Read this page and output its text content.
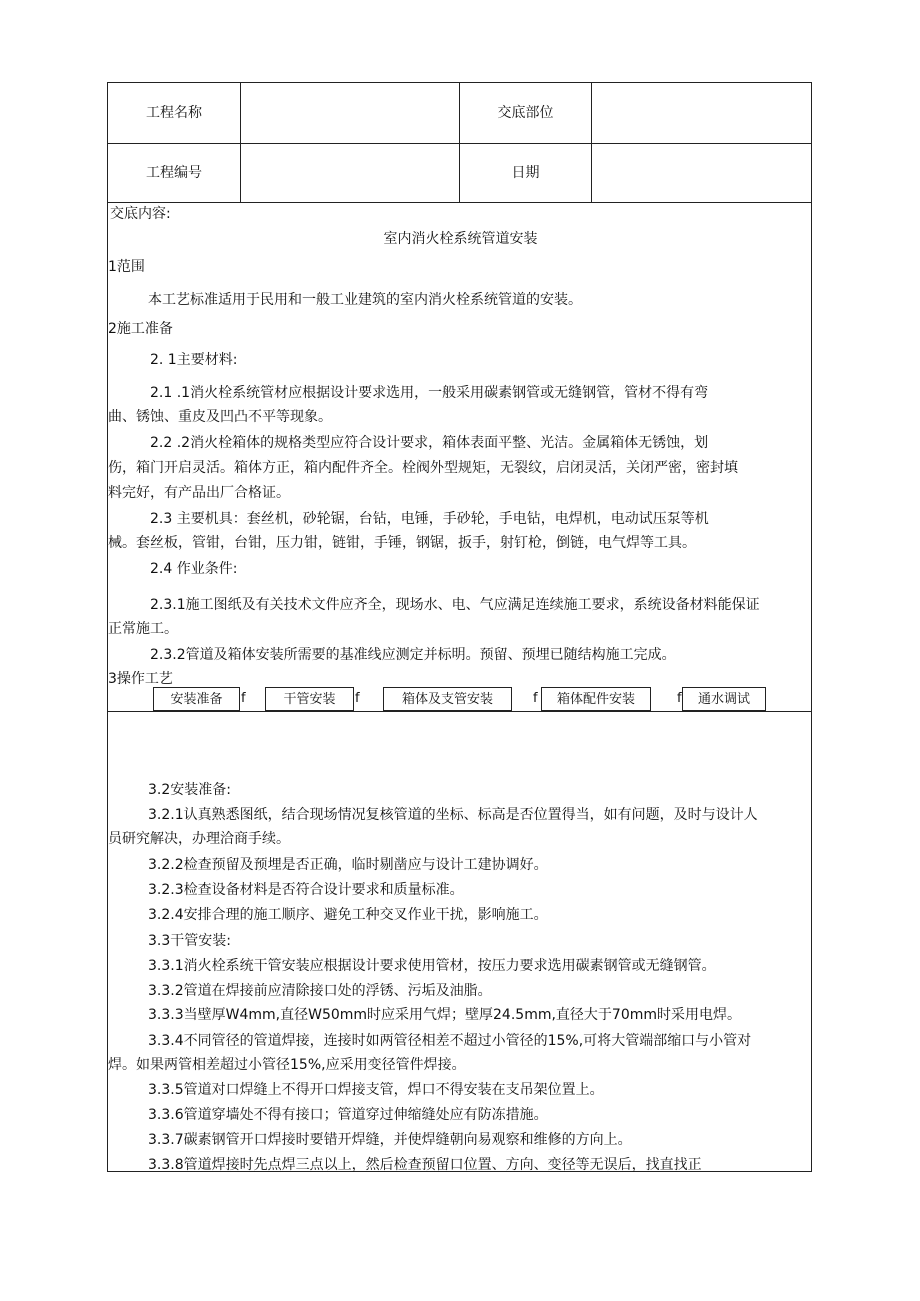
工程名称	交底部位
工程编号	日期
交底内容:
室内消火栓系统管道安装
1范围
本工艺标准适用于民用和一般工业建筑的室内消火栓系统管道的安装。
2施工准备
2. 1主要材料:
2.1 .1消火栓系统管材应根据设计要求选用，一般采用碳素钢管或无缝钢管，管材不得有弯
曲、锈蚀、重皮及凹凸不平等现象。
2.2 .2消火栓箱体的规格类型应符合设计要求，箱体表面平整、光洁。金属箱体无锈蚀，划
伤，箱门开启灵活。箱体方正，箱内配件齐全。栓阀外型规矩，无裂纹，启闭灵活，关闭严密，密封填
料完好，有产品出厂合格证。
2.3 主要机具：套丝机，砂轮锯，台钻，电锤，手砂轮，手电钻，电焊机，电动试压泵等机
械。套丝板，管钳，台钳，压力钳，链钳，手锤，钢锯，扳手，射钉枪，倒链，电气焊等工具。
2.4 作业条件:
2.3.1施工图纸及有关技术文件应齐全，现场水、电、气应满足连续施工要求，系统设备材料能保证
正常施工。
2.3.2管道及箱体安装所需要的基准线应测定并标明。预留、预埋已随结构施工完成。
3操作工艺
安装准备	f	干管安装	f	箱体及支管安装	f	箱体配件安装	f	通水调试
3.2安装准备:
3.2.1认真熟悉图纸，结合现场情况复核管道的坐标、标高是否位置得当，如有问题，及时与设计人
员研究解决，办理洽商手续。
3.2.2检查预留及预埋是否正确，临时剔凿应与设计工建协调好。
3.2.3检查设备材料是否符合设计要求和质量标准。
3.2.4安排合理的施工顺序、避免工种交叉作业干扰，影响施工。
3.3干管安装:
3.3.1消火栓系统干管安装应根据设计要求使用管材，按压力要求选用碳素钢管或无缝钢管。
3.3.2管道在焊接前应清除接口处的浮锈、污垢及油脂。
3.3.3当壁厚W4mm,直径W50mm时应采用气焊；壁厚24.5mm,直径大于70mm时采用电焊。
3.3.4不同管径的管道焊接，连接时如两管径相差不超过小管径的15%,可将大管端部缩口与小管对
焊。如果两管相差超过小管径15%,应采用变径管件焊接。
3.3.5管道对口焊缝上不得开口焊接支管，焊口不得安装在支吊架位置上。
3.3.6管道穿墙处不得有接口；管道穿过伸缩缝处应有防冻措施。
3.3.7碳素钢管开口焊接时要错开焊缝，并使焊缝朝向易观察和维修的方向上。
3.3.8管道焊接时先点焊三点以上，然后检查预留口位置、方向、变径等无误后，找直找正
